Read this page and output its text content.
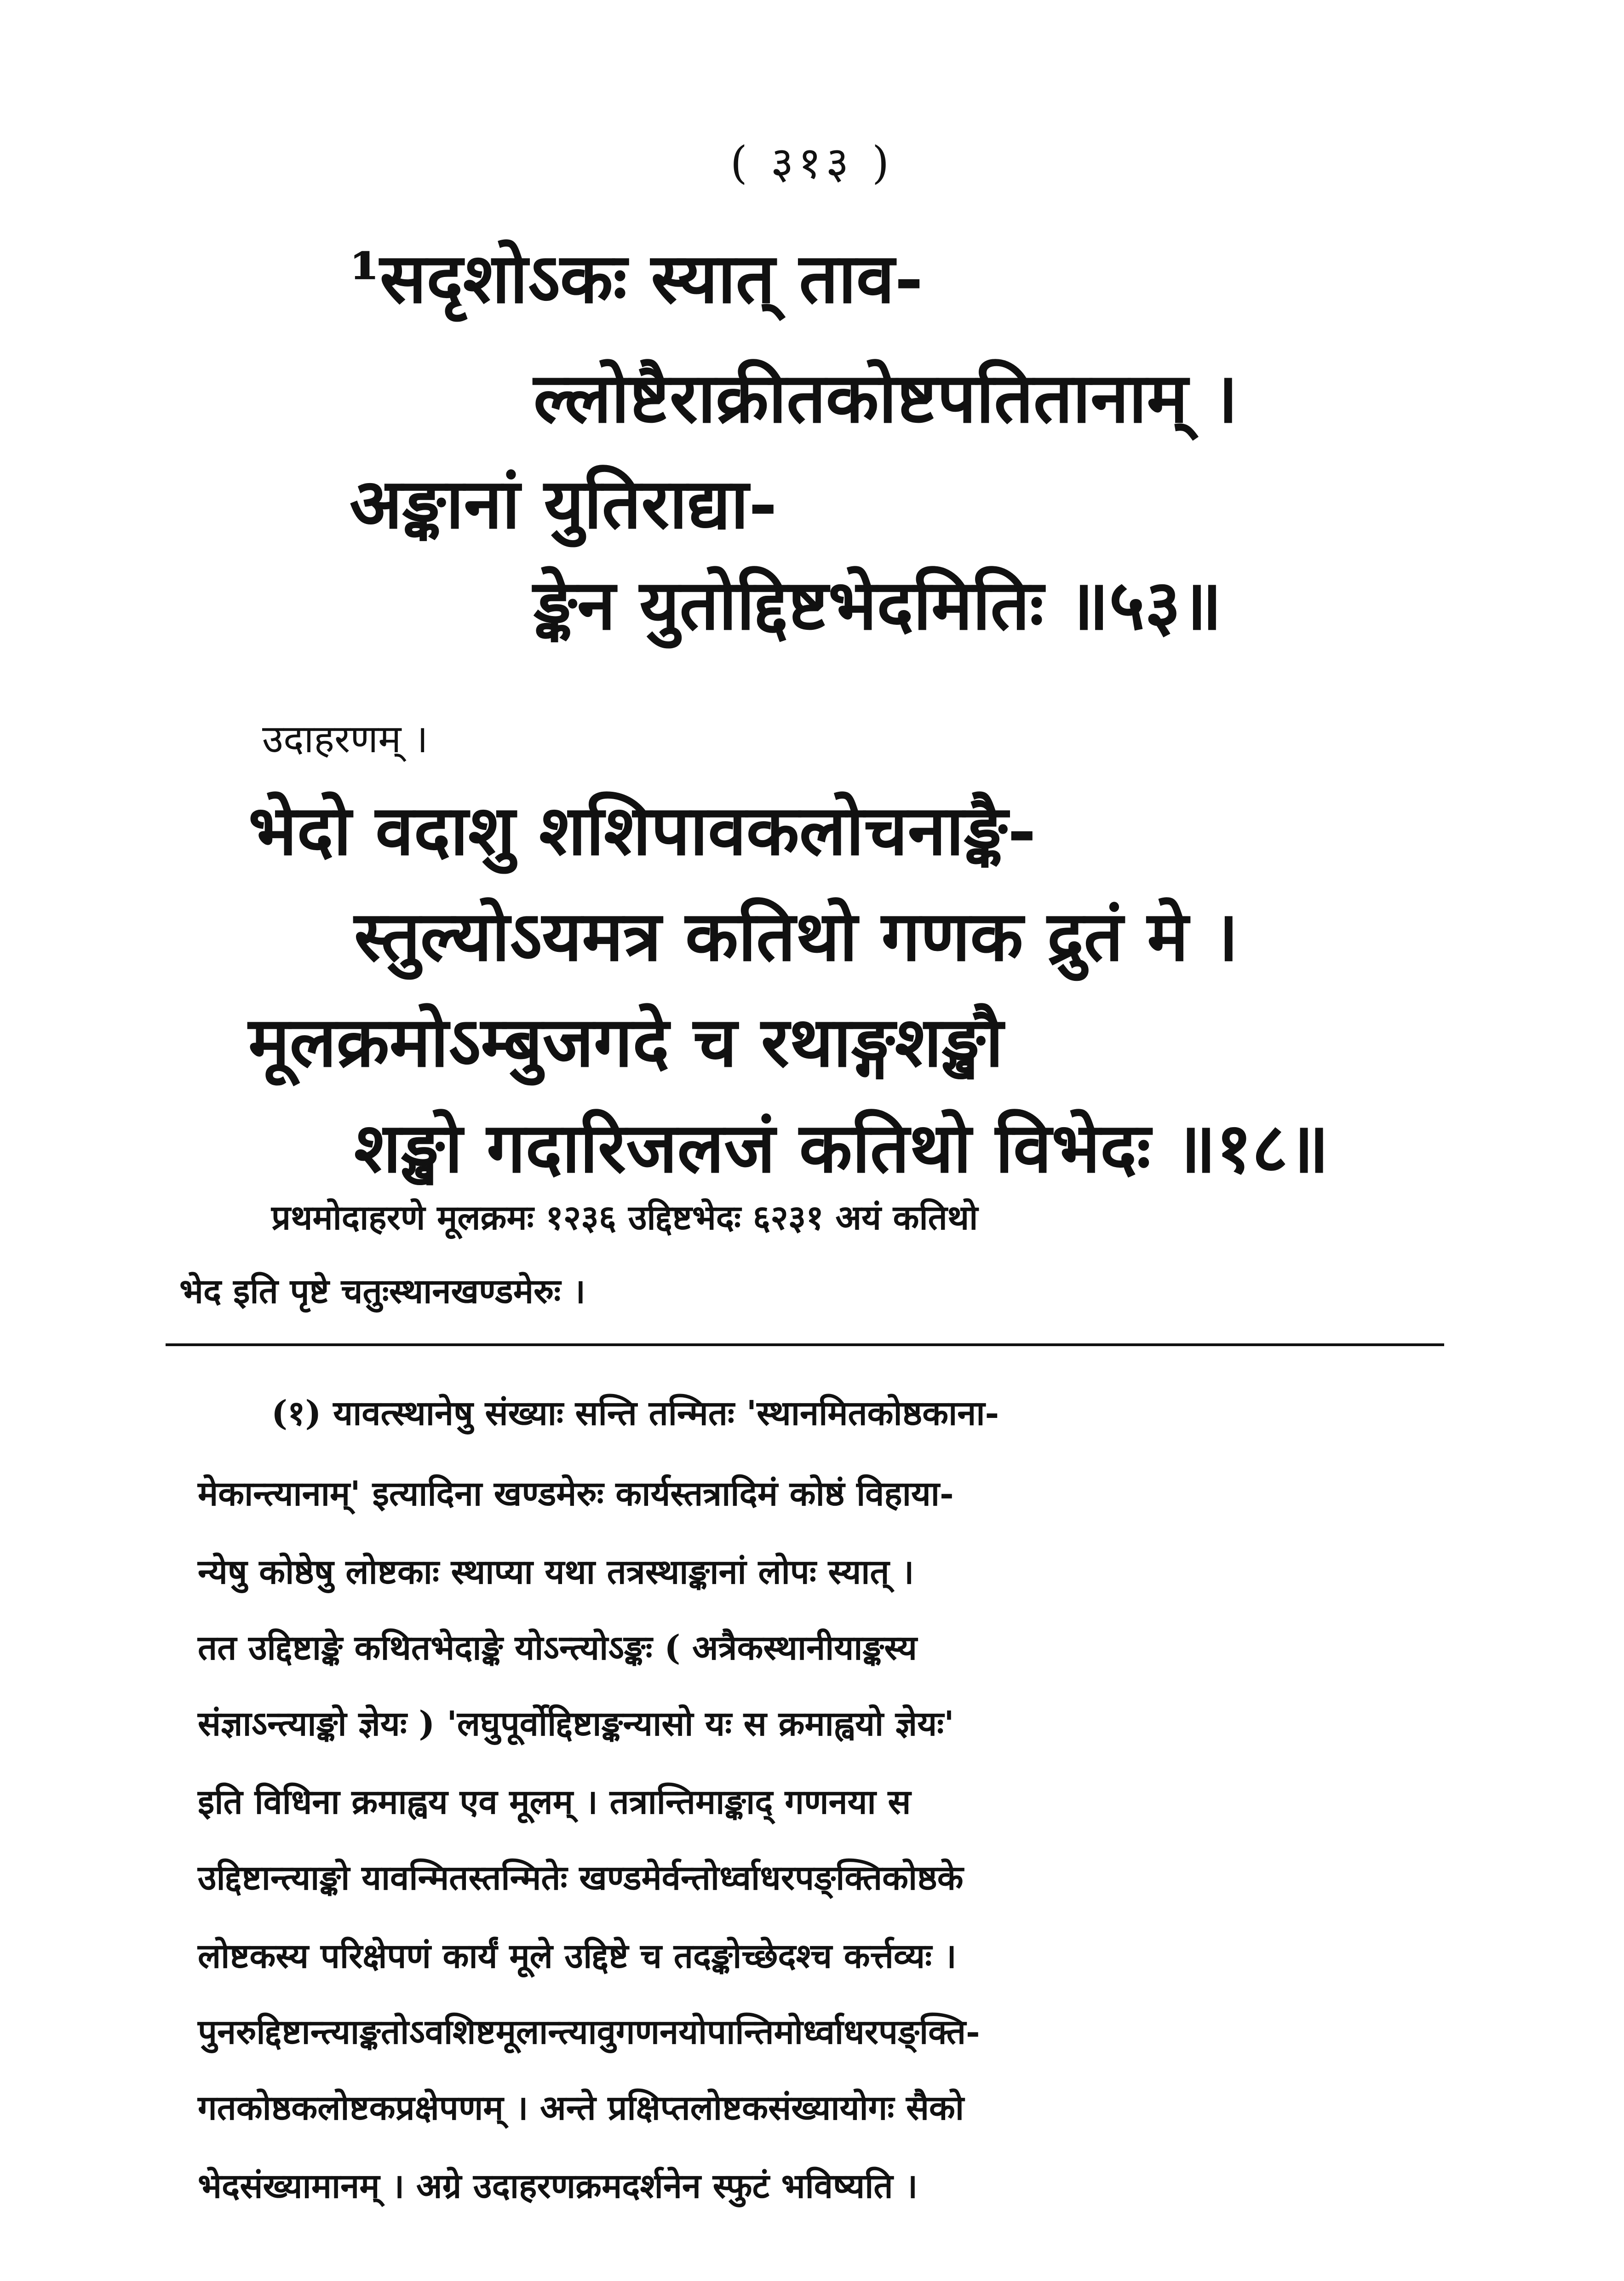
( ३१३ )
¹सदृशोऽकः स्यात् ताव-
ल्लोष्टैराक्रीतकोष्टपतितानाम् ।
अङ्कानां युतिराद्या-
ङ्केन युतोद्दिष्टभेदमितिः ॥५३॥
उदाहरणम् ।
भेदो वदाशु शशिपावकलोचनाङ्कै-
स्तुल्योऽयमत्र कतिथो गणक द्रुतं मे ।
मूलक्रमोऽम्बुजगदे च रथाङ्गशङ्खौ
शङ्खो गदारिजलजं कतिथो विभेदः ॥१८॥
प्रथमोदाहरणे मूलक्रमः १२३६ उद्दिष्टभेदः ६२३१ अयं कतिथो
भेद इति पृष्टे चतुःस्थानखण्डमेरुः ।
(१) यावत्स्थानेषु संख्याः सन्ति तन्मितः 'स्थानमितकोष्ठकाना-
मेकान्त्यानाम्' इत्यादिना खण्डमेरुः कार्यस्तत्रादिमं कोष्ठं विहाया-
न्येषु कोष्ठेषु लोष्टकाः स्थाप्या यथा तत्रस्थाङ्कानां लोपः स्यात् ।
तत उद्दिष्टाङ्के कथितभेदाङ्के योऽन्त्योऽङ्कः ( अत्रैकस्थानीयाङ्कस्य
संज्ञाऽन्त्याङ्को ज्ञेयः ) 'लघुपूर्वोद्दिष्टाङ्कन्यासो यः स क्रमाह्वयो ज्ञेयः'
इति विधिना क्रमाह्वय एव मूलम् । तत्रान्तिमाङ्काद् गणनया स
उद्दिष्टान्त्याङ्को यावन्मितस्तन्मितेः खण्डमेर्वन्तोर्ध्वाधरपङ्क्तिकोष्ठके
लोष्टकस्य परिक्षेपणं कार्यं मूले उद्दिष्टे च तदङ्कोच्छेदश्च कर्त्तव्यः ।
पुनरुद्दिष्टान्त्याङ्कतोऽवशिष्टमूलान्त्यावुगणनयोपान्तिमोर्ध्वाधरपङ्क्ति-
गतकोष्ठकलोष्टकप्रक्षेपणम् । अन्ते प्रक्षिप्तलोष्टकसंख्यायोगः सैको
भेदसंख्यामानम् । अग्रे उदाहरणक्रमदर्शनेन स्फुटं भविष्यति ।
